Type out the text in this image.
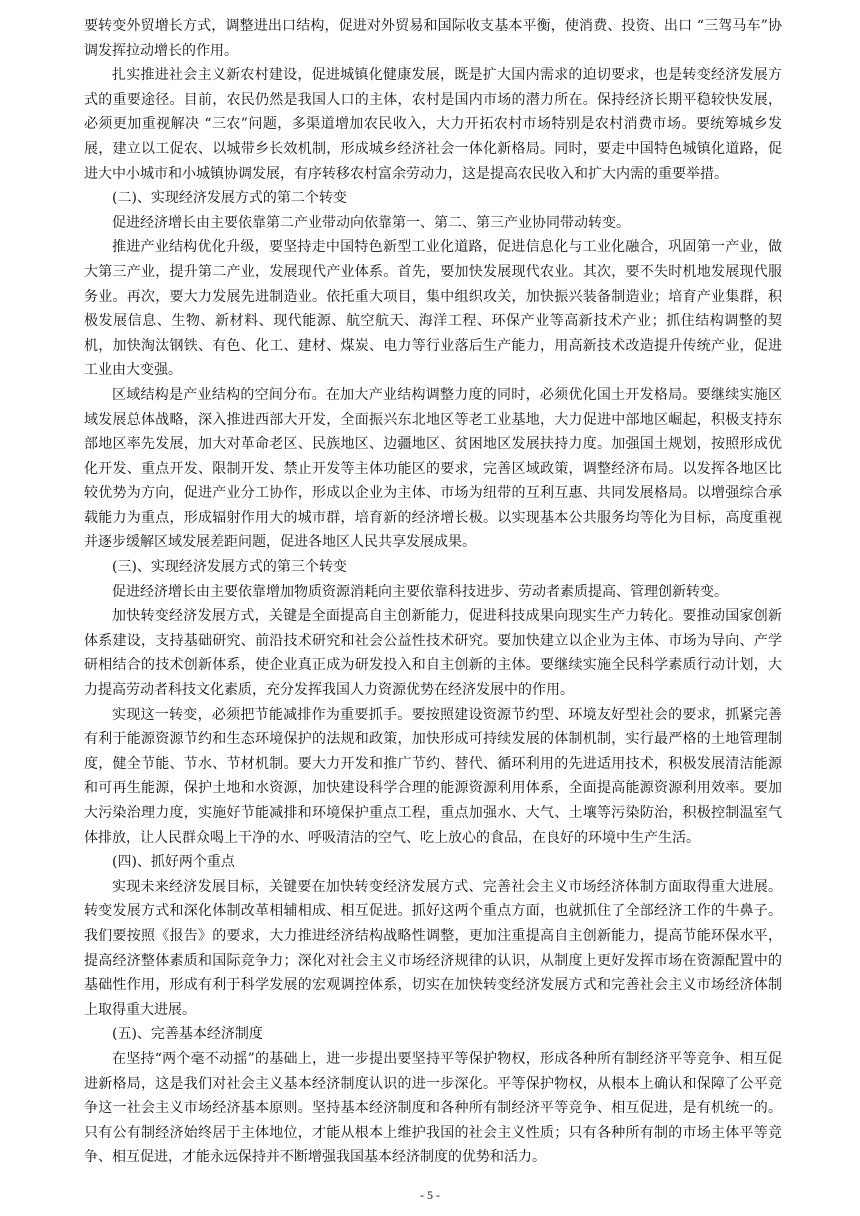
要转变外贸增长方式，调整进出口结构，促进对外贸易和国际收支基本平衡，使消费、投资、出口 “三驾马车”协调发挥拉动增长的作用。

扎实推进社会主义新农村建设，促进城镇化健康发展，既是扩大国内需求的迫切要求，也是转变经济发展方式的重要途径。目前，农民仍然是我国人口的主体，农村是国内市场的潜力所在。保持经济长期平稳较快发展，必须更加重视解决 “三农”问题，多渠道增加农民收入，大力开拓农村市场特别是农村消费市场。要统筹城乡发展，建立以工促农、以城带乡长效机制，形成城乡经济社会一体化新格局。同时，要走中国特色城镇化道路，促进大中小城市和小城镇协调发展，有序转移农村富余劳动力，这是提高农民收入和扩大内需的重要举措。

(二)、实现经济发展方式的第二个转变

促进经济增长由主要依靠第二产业带动向依靠第一、第二、第三产业协同带动转变。

推进产业结构优化升级，要坚持走中国特色新型工业化道路，促进信息化与工业化融合，巩固第一产业，做大第三产业，提升第二产业，发展现代产业体系。首先，要加快发展现代农业。其次，要不失时机地发展现代服务业。再次，要大力发展先进制造业。依托重大项目，集中组织攻关，加快振兴装备制造业；培育产业集群，积极发展信息、生物、新材料、现代能源、航空航天、海洋工程、环保产业等高新技术产业；抓住结构调整的契机，加快淘汰钢铁、有色、化工、建材、煤炭、电力等行业落后生产能力，用高新技术改造提升传统产业，促进工业由大变强。

区域结构是产业结构的空间分布。在加大产业结构调整力度的同时，必须优化国土开发格局。要继续实施区域发展总体战略，深入推进西部大开发，全面振兴东北地区等老工业基地，大力促进中部地区崛起，积极支持东部地区率先发展，加大对革命老区、民族地区、边疆地区、贫困地区发展扶持力度。加强国土规划，按照形成优化开发、重点开发、限制开发、禁止开发等主体功能区的要求，完善区域政策，调整经济布局。以发挥各地区比较优势为方向，促进产业分工协作，形成以企业为主体、市场为纽带的互利互惠、共同发展格局。以增强综合承载能力为重点，形成辐射作用大的城市群，培育新的经济增长极。以实现基本公共服务均等化为目标，高度重视并逐步缓解区域发展差距问题，促进各地区人民共享发展成果。

(三)、实现经济发展方式的第三个转变

促进经济增长由主要依靠增加物质资源消耗向主要依靠科技进步、劳动者素质提高、管理创新转变。

加快转变经济发展方式，关键是全面提高自主创新能力，促进科技成果向现实生产力转化。要推动国家创新体系建设，支持基础研究、前沿技术研究和社会公益性技术研究。要加快建立以企业为主体、市场为导向、产学研相结合的技术创新体系，使企业真正成为研发投入和自主创新的主体。要继续实施全民科学素质行动计划，大力提高劳动者科技文化素质，充分发挥我国人力资源优势在经济发展中的作用。

实现这一转变，必须把节能减排作为重要抓手。要按照建设资源节约型、环境友好型社会的要求，抓紧完善有利于能源资源节约和生态环境保护的法规和政策，加快形成可持续发展的体制机制，实行最严格的土地管理制度，健全节能、节水、节材机制。要大力开发和推广节约、替代、循环利用的先进适用技术，积极发展清洁能源和可再生能源，保护土地和水资源，加快建设科学合理的能源资源利用体系，全面提高能源资源利用效率。要加大污染治理力度，实施好节能减排和环境保护重点工程，重点加强水、大气、土壤等污染防治，积极控制温室气体排放，让人民群众喝上干净的水、呼吸清洁的空气、吃上放心的食品，在良好的环境中生产生活。

(四)、抓好两个重点

实现未来经济发展目标，关键要在加快转变经济发展方式、完善社会主义市场经济体制方面取得重大进展。转变发展方式和深化体制改革相辅相成、相互促进。抓好这两个重点方面，也就抓住了全部经济工作的牛鼻子。我们要按照《报告》的要求，大力推进经济结构战略性调整，更加注重提高自主创新能力，提高节能环保水平，提高经济整体素质和国际竞争力；深化对社会主义市场经济规律的认识，从制度上更好发挥市场在资源配置中的基础性作用，形成有利于科学发展的宏观调控体系，切实在加快转变经济发展方式和完善社会主义市场经济体制上取得重大进展。

(五)、完善基本经济制度

在坚持“两个毫不动摇”的基础上，进一步提出要坚持平等保护物权，形成各种所有制经济平等竞争、相互促进新格局，这是我们对社会主义基本经济制度认识的进一步深化。平等保护物权，从根本上确认和保障了公平竞争这一社会主义市场经济基本原则。坚持基本经济制度和各种所有制经济平等竞争、相互促进，是有机统一的。只有公有制经济始终居于主体地位，才能从根本上维护我国的社会主义性质；只有各种所有制的市场主体平等竞争、相互促进，才能永远保持并不断增强我国基本经济制度的优势和活力。

- 5 -
